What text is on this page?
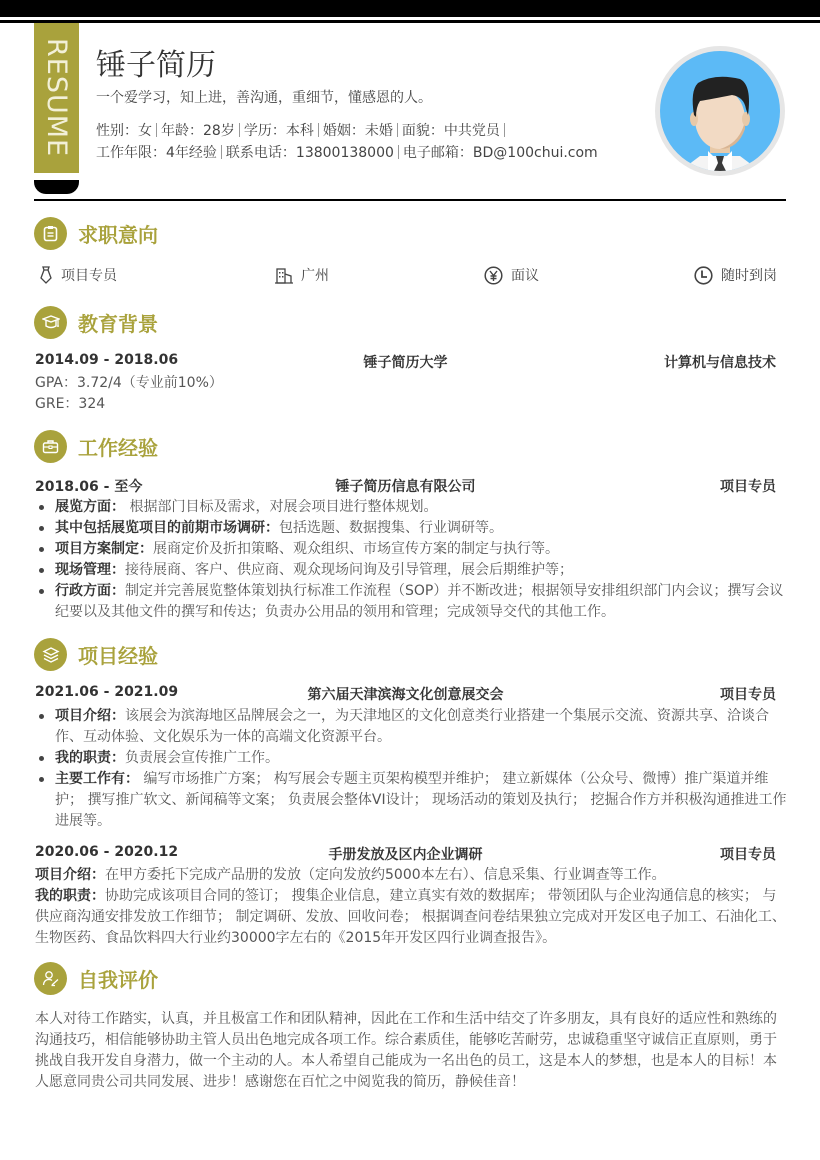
RESUME 锤子简历
一个爱学习，知上进，善沟通，重细节，懂感恩的人。
性别：女 年龄：28岁 学历：本科 婚姻：未婚 面貌：中共党员
工作年限：4年经验 联系电话：13800138000 电子邮箱：BD@100chui.com
求职意向
项目专员	广州	面议	随时到岗
教育背景
2014.09 - 2018.06	锤子简历大学	计算机与信息技术
GPA：3.72/4（专业前10%）
GRE：324
工作经验
2018.06 - 至今	锤子简历信息有限公司	项目专员
展览方面： 根据部门目标及需求，对展会项目进行整体规划。
其中包括展览项目的前期市场调研：包括选题、数据搜集、行业调研等。
项目方案制定：展商定价及折扣策略、观众组织、市场宣传方案的制定与执行等。
现场管理：接待展商、客户、供应商、观众现场问询及引导管理，展会后期维护等；
行政方面：制定并完善展览整体策划执行标准工作流程（SOP）并不断改进；根据领导安排组织部门内会议；撰写会议纪要以及其他文件的撰写和传达；负责办公用品的领用和管理；完成领导交代的其他工作。
项目经验
2021.06 - 2021.09	第六届天津滨海文化创意展交会	项目专员
项目介绍：该展会为滨海地区品牌展会之一，为天津地区的文化创意类行业搭建一个集展示交流、资源共享、洽谈合作、互动体验、文化娱乐为一体的高端文化资源平台。
我的职责：负责展会宣传推广工作。
主要工作有： 编写市场推广方案； 构写展会专题主页架构模型并维护； 建立新媒体（公众号、微博）推广渠道并维护； 撰写推广软文、新闻稿等文案； 负责展会整体VI设计； 现场活动的策划及执行； 挖掘合作方并积极沟通推进工作进展等。
2020.06 - 2020.12	手册发放及区内企业调研	项目专员
项目介绍：在甲方委托下完成产品册的发放（定向发放约5000本左右）、信息采集、行业调查等工作。
我的职责：协助完成该项目合同的签订； 搜集企业信息，建立真实有效的数据库； 带领团队与企业沟通信息的核实； 与供应商沟通安排发放工作细节； 制定调研、发放、回收问卷； 根据调查问卷结果独立完成对开发区电子加工、石油化工、生物医药、食品饮料四大行业约30000字左右的《2015年开发区四行业调查报告》。
自我评价

本人对待工作踏实，认真，并且极富工作和团队精神，因此在工作和生活中结交了许多朋友，具有良好的适应性和熟练的沟通技巧，相信能够协助主管人员出色地完成各项工作。综合素质佳，能够吃苦耐劳，忠诚稳重坚守诚信正直原则，勇于挑战自我开发自身潜力，做一个主动的人。本人希望自己能成为一名出色的员工，这是本人的梦想，也是本人的目标！本人愿意同贵公司共同发展、进步！感谢您在百忙之中阅览我的简历，静候佳音！
